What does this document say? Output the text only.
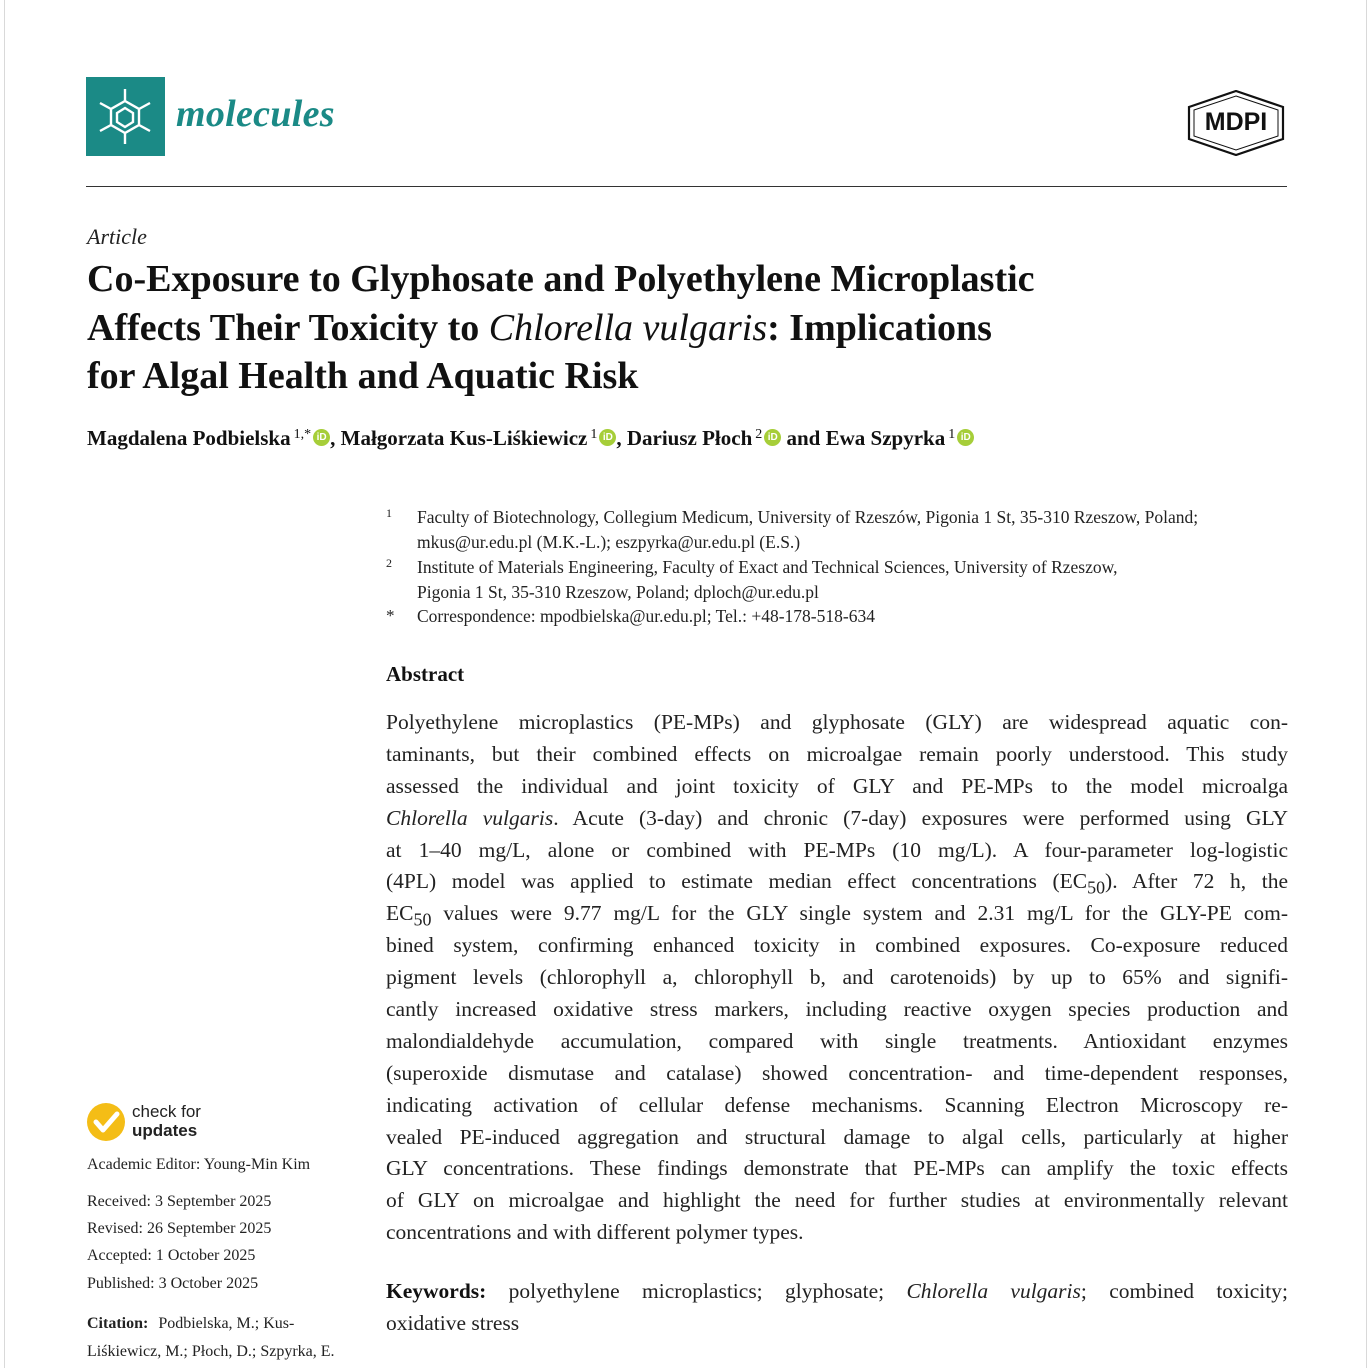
molecules	MDPI
Article
Co-Exposure to Glyphosate and Polyethylene Microplastic
Affects Their Toxicity to Chlorella vulgaris: Implications
for Algal Health and Aquatic Risk
Magdalena Podbielska $^{1,*}$ iD , Małgorzata Kus-Liśkiewicz $^1$ iD , Dariusz Płoch $^2$ iD and Ewa Szpyrka $^1$ iD
1 Faculty of Biotechnology, Collegium Medicum, University of Rzeszów, Pigonia 1 St, 35-310 Rzeszow, Poland;
mkus@ur.edu.pl (M.K.-L.); eszpyrka@ur.edu.pl (E.S.)
2 Institute of Materials Engineering, Faculty of Exact and Technical Sciences, University of Rzeszow,
Pigonia 1 St, 35-310 Rzeszow, Poland; dploch@ur.edu.pl
* Correspondence: mpodbielska@ur.edu.pl; Tel.: +48-178-518-634
Abstract
Polyethylene microplastics (PE-MPs) and glyphosate (GLY) are widespread aquatic con-
taminants, but their combined effects on microalgae remain poorly understood. This study
assessed the individual and joint toxicity of GLY and PE-MPs to the model microalga
Chlorella vulgaris. Acute (3-day) and chronic (7-day) exposures were performed using GLY
at 1–40 mg/L, alone or combined with PE-MPs (10 mg/L). A four-parameter log-logistic
(4PL) model was applied to estimate median effect concentrations $(EC_{50})$. After 72 h, the
$EC_{50}$ values were 9.77 mg/L for the GLY single system and 2.31 mg/L for the GLY-PE com-
bined system, confirming enhanced toxicity in combined exposures. Co-exposure reduced
pigment levels (chlorophyll a, chlorophyll b, and carotenoids) by up to 65% and signifi-
cantly increased oxidative stress markers, including reactive oxygen species production and
malondialdehyde accumulation, compared with single treatments. Antioxidant enzymes
(superoxide dismutase and catalase) showed concentration- and time-dependent responses,
indicating activation of cellular defense mechanisms. Scanning Electron Microscopy re-
vealed PE-induced aggregation and structural damage to algal cells, particularly at higher
GLY concentrations. These findings demonstrate that PE-MPs can amplify the toxic effects
of GLY on microalgae and highlight the need for further studies at environmentally relevant
concentrations and with different polymer types.
Keywords: polyethylene microplastics; glyphosate; Chlorella vulgaris; combined toxicity;
oxidative stress
check for
updates
Academic Editor: Young-Min Kim
Received: 3 September 2025
Revised: 26 September 2025
Accepted: 1 October 2025
Published: 3 October 2025
Citation: Podbielska, M.; Kus-
Liśkiewicz, M.; Płoch, D.; Szpyrka, E.
